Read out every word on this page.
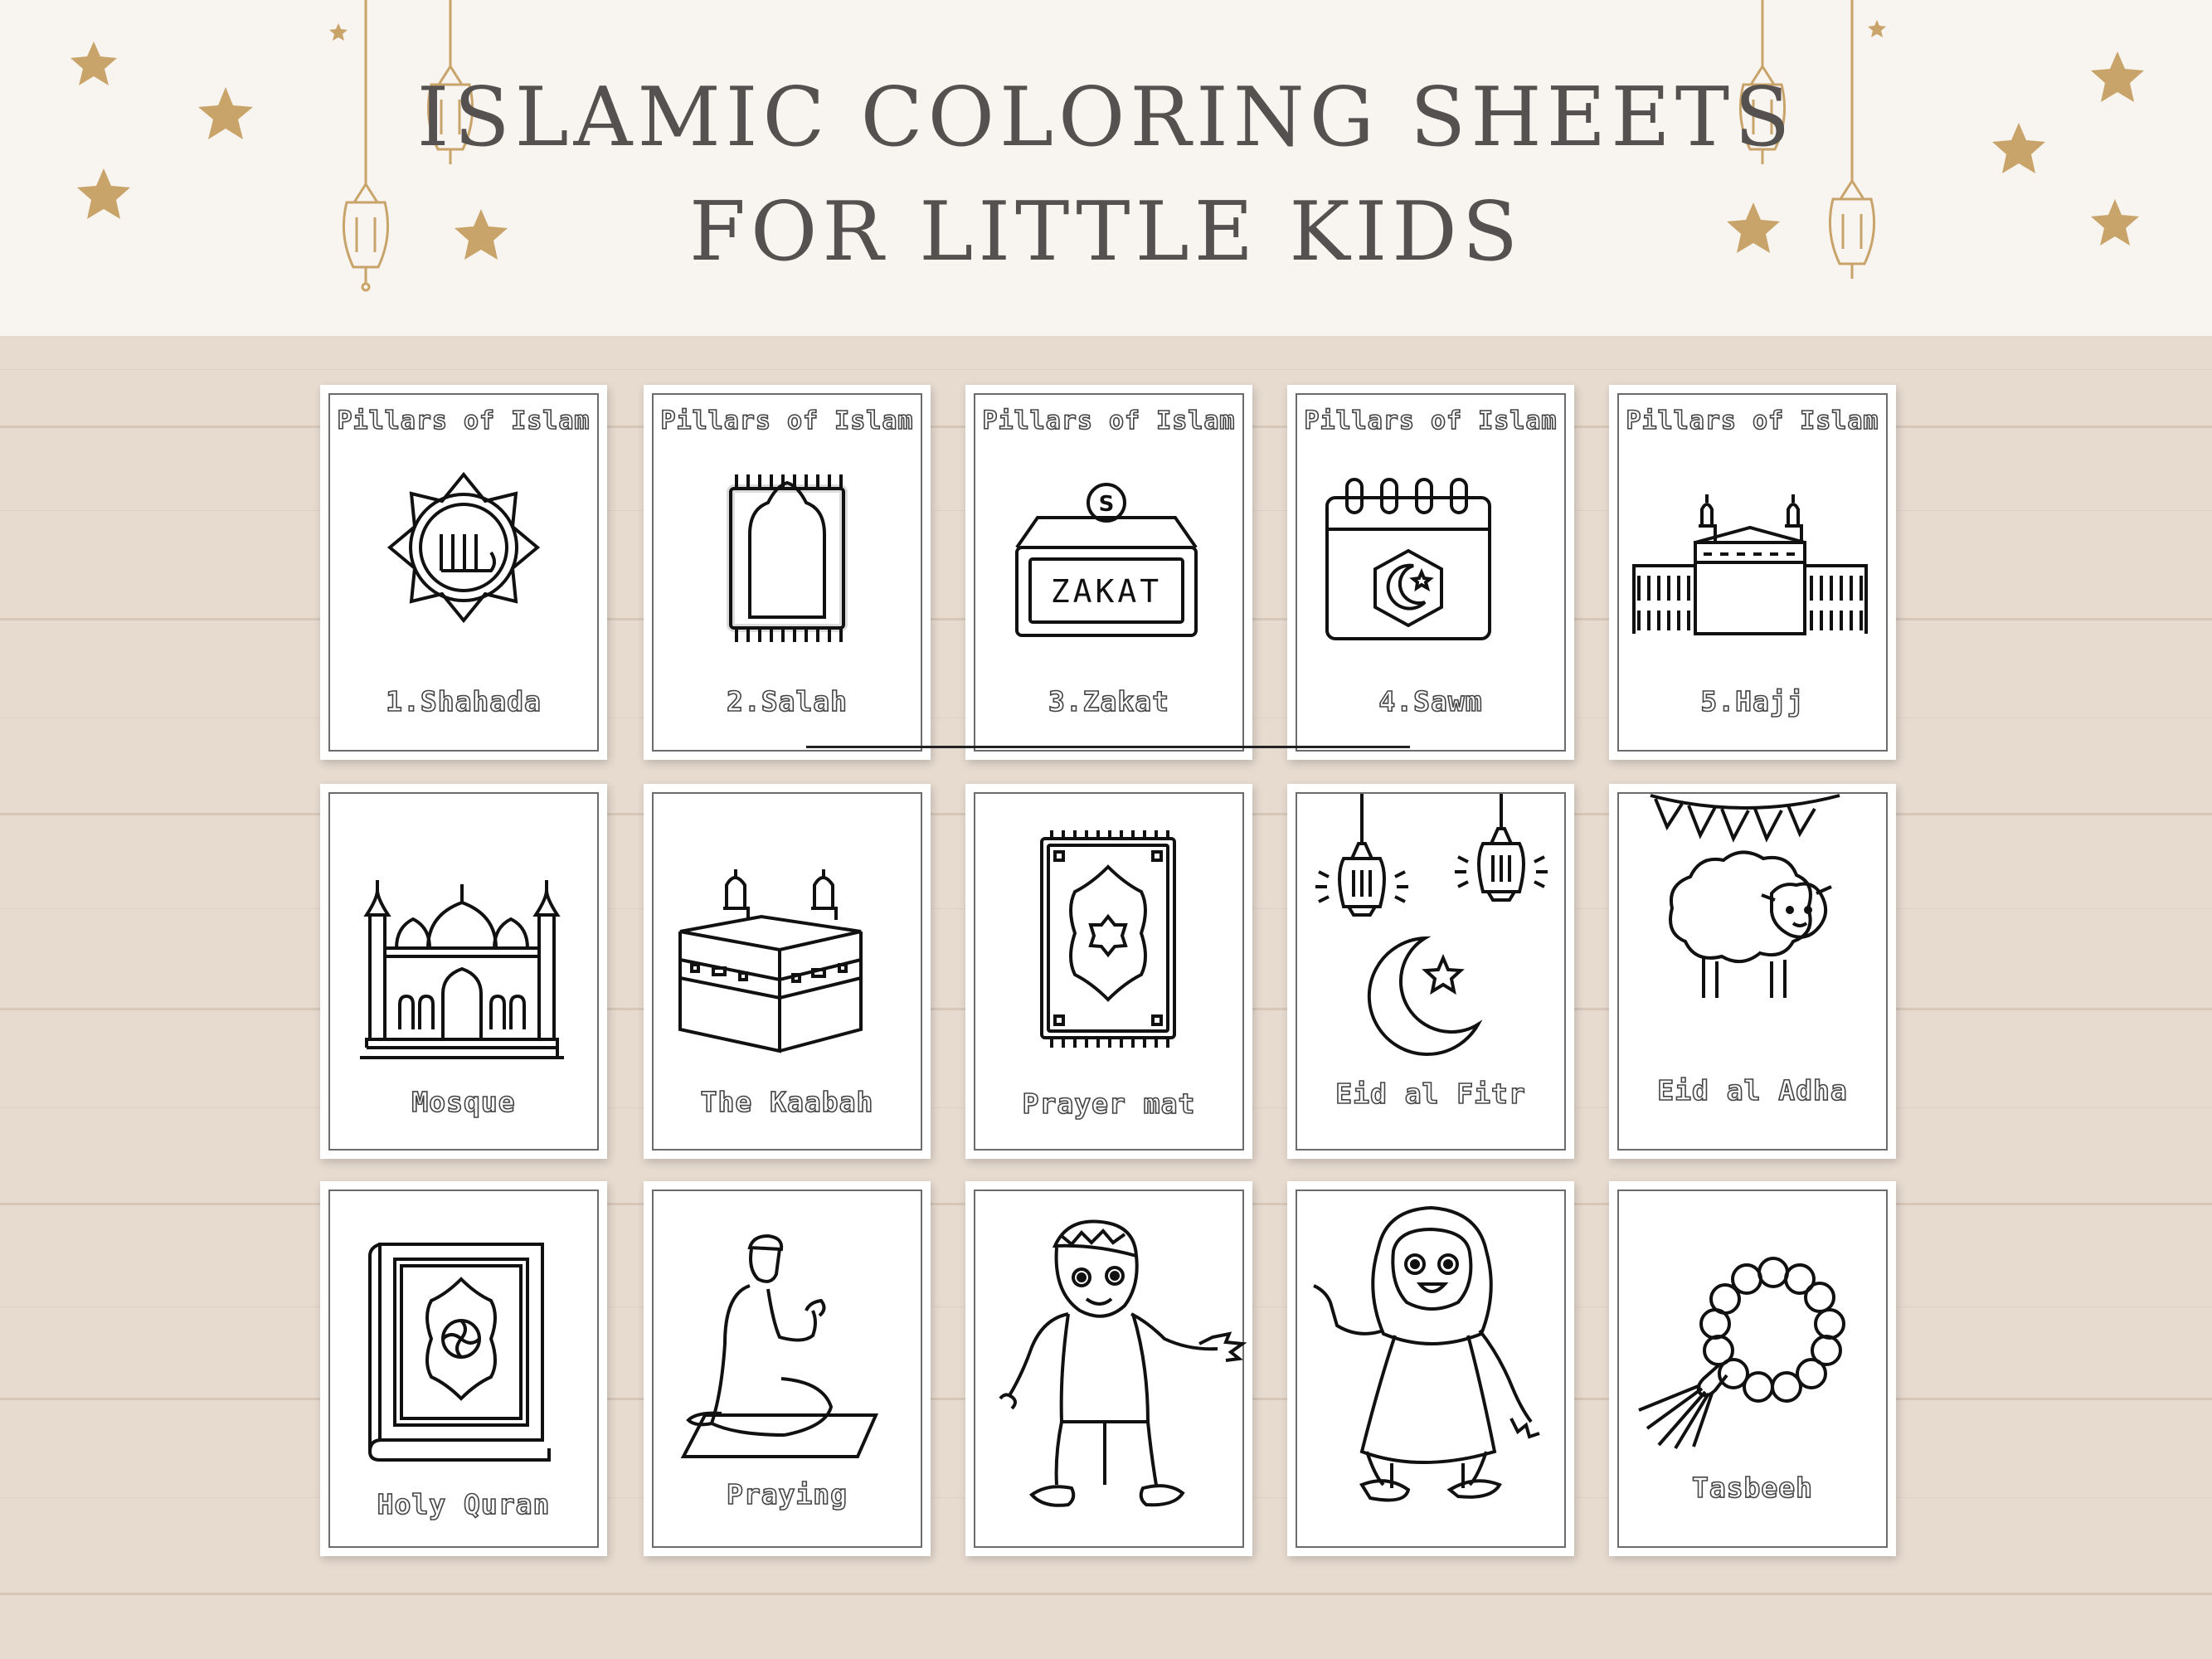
ISLAMIC COLORING SHEETS
FOR LITTLE KIDS
Pillars of Islam
1.Shahada
Pillars of Islam
2.Salah
Pillars of Islam
S
ZAKAT
3.Zakat
Pillars of Islam
4.Sawm
Pillars of Islam
5.Hajj
Mosque	The Kaabah	Prayer mat	Eid al Fitr	Eid al Adha
Holy Quran	Praying	Tasbeeh
